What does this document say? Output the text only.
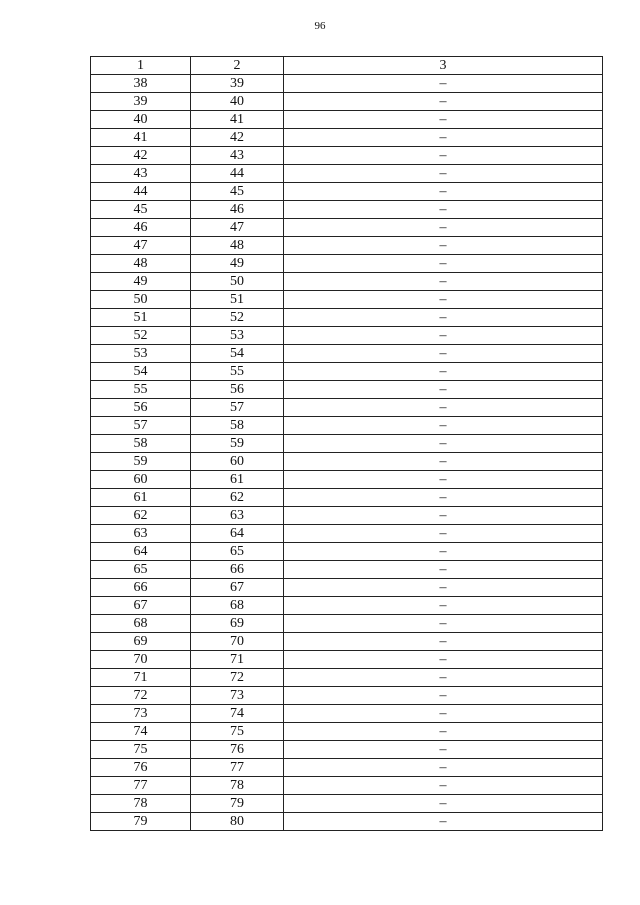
96
1	2	3
38	39	–
39	40	–
40	41	–
41	42	–
42	43	–
43	44	–
44	45	–
45	46	–
46	47	–
47	48	–
48	49	–
49	50	–
50	51	–
51	52	–
52	53	–
53	54	–
54	55	–
55	56	–
56	57	–
57	58	–
58	59	–
59	60	–
60	61	–
61	62	–
62	63	–
63	64	–
64	65	–
65	66	–
66	67	–
67	68	–
68	69	–
69	70	–
70	71	–
71	72	–
72	73	–
73	74	–
74	75	–
75	76	–
76	77	–
77	78	–
78	79	–
79	80	–
